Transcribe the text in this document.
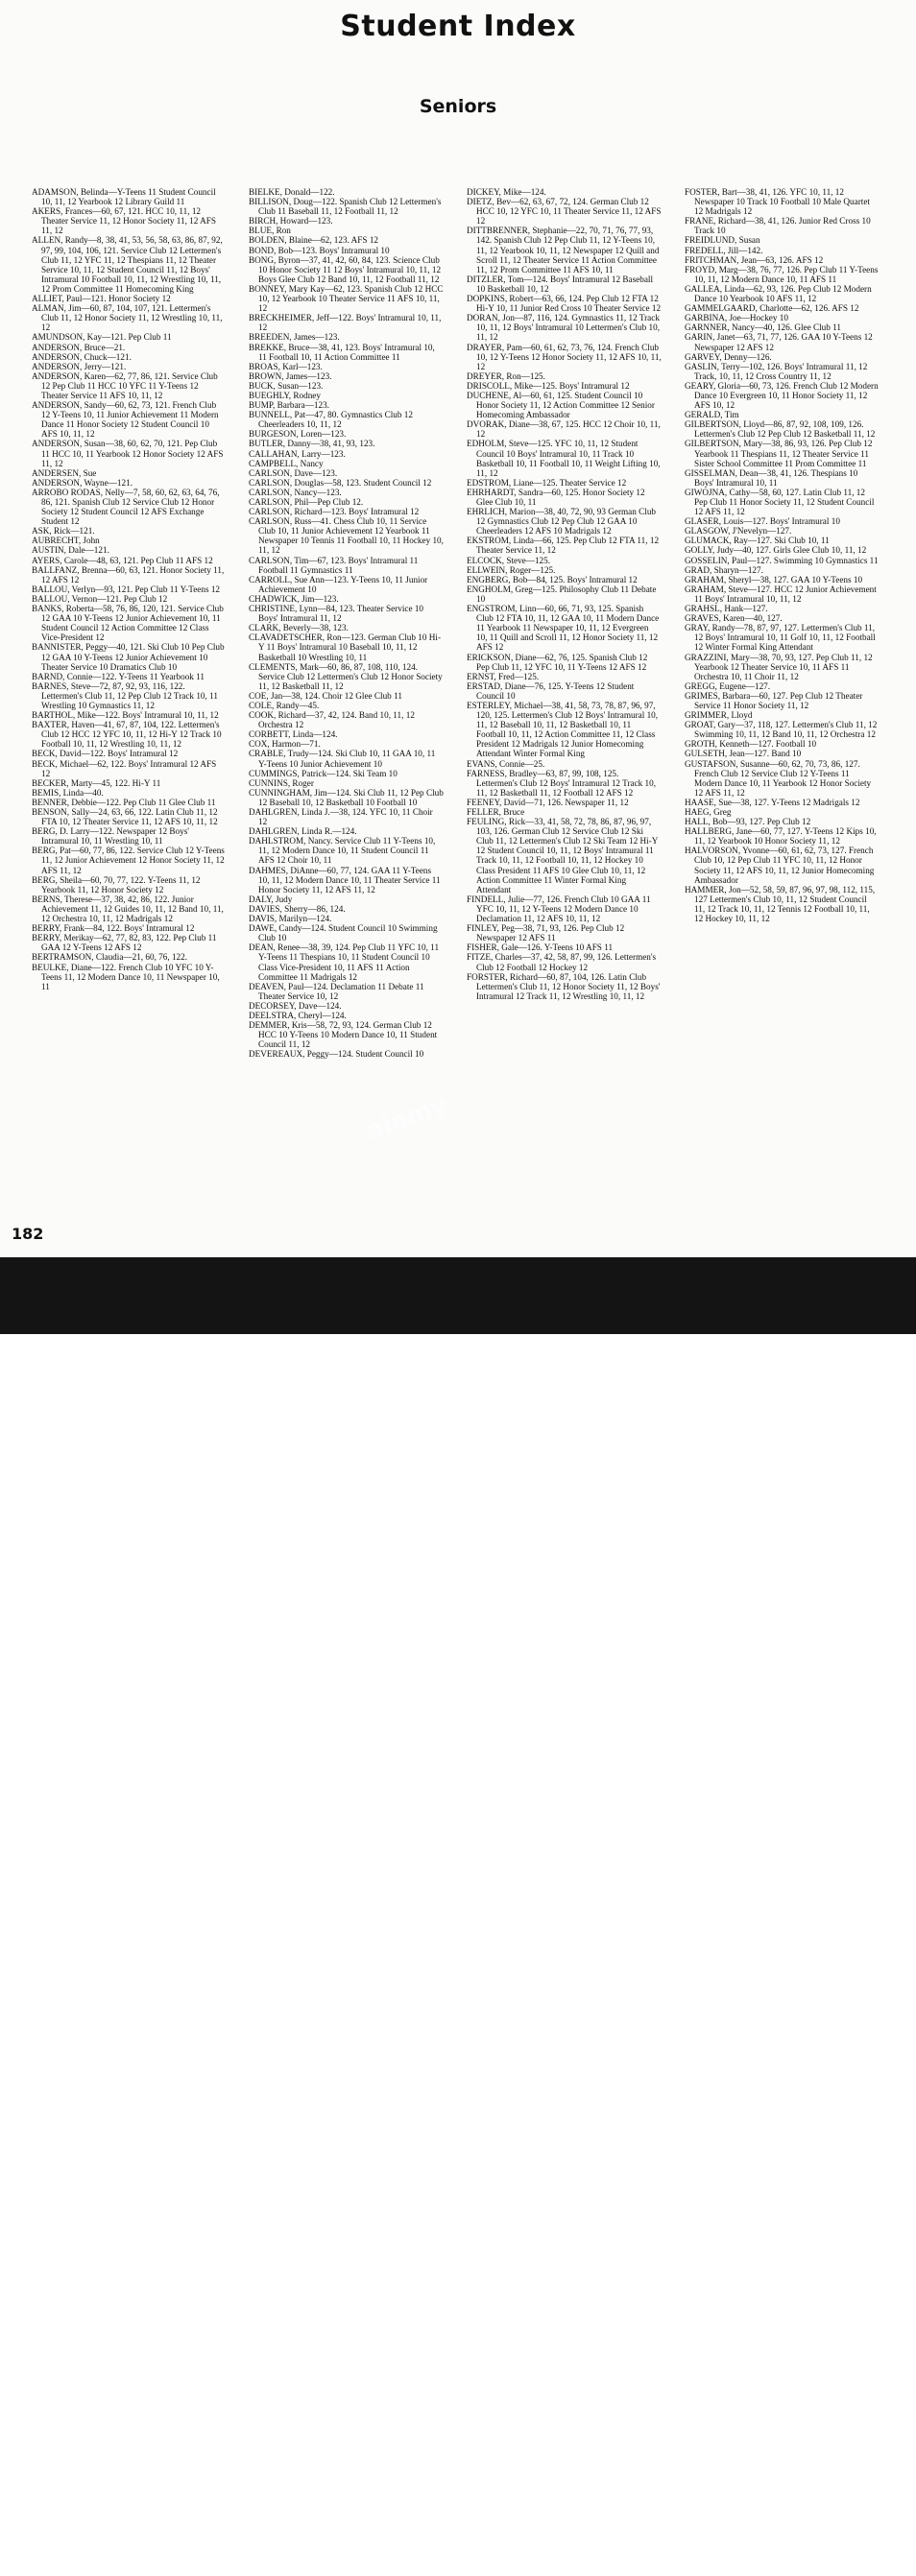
Student Index
Seniors

ADAMSON, Belinda—Y-Teens 11 Student Council 10, 11, 12 Yearbook 12 Library Guild 11

AKERS, Frances—60, 67, 121. HCC 10, 11, 12 Theater Service 11, 12 Honor Society 11, 12 AFS 11, 12

ALLEN, Randy—8, 38, 41, 53, 56, 58, 63, 86, 87, 92, 97, 99, 104, 106, 121. Service Club 12 Lettermen's Club 11, 12 YFC 11, 12 Thespians 11, 12 Theater Service 10, 11, 12 Student Council 11, 12 Boys' Intramural 10 Football 10, 11, 12 Wrestling 10, 11, 12 Prom Committee 11 Homecoming King

ALLIET, Paul—121. Honor Society 12

ALMAN, Jim—60, 87, 104, 107, 121. Lettermen's Club 11, 12 Honor Society 11, 12 Wrestling 10, 11, 12

AMUNDSON, Kay—121. Pep Club 11

ANDERSON, Bruce—21.

ANDERSON, Chuck—121.

ANDERSON, Jerry—121.

ANDERSON, Karen—62, 77, 86, 121. Service Club 12 Pep Club 11 HCC 10 YFC 11 Y-Teens 12 Theater Service 11 AFS 10, 11, 12

ANDERSON, Sandy—60, 62, 73, 121. French Club 12 Y-Teens 10, 11 Junior Achievement 11 Modern Dance 11 Honor Society 12 Student Council 10 AFS 10, 11, 12

ANDERSON, Susan—38, 60, 62, 70, 121. Pep Club 11 HCC 10, 11 Yearbook 12 Honor Society 12 AFS 11, 12

ANDERSEN, Sue

ANDERSON, Wayne—121.

ARROBO RODAS, Nelly—7, 58, 60, 62, 63, 64, 76, 86, 121. Spanish Club 12 Service Club 12 Honor Society 12 Student Council 12 AFS Exchange Student 12

ASK, Rick—121.

AUBRECHT, John

AUSTIN, Dale—121.

AYERS, Carole—48, 63, 121. Pep Club 11 AFS 12

BALLFANZ, Brenna—60, 63, 121. Honor Society 11, 12 AFS 12

BALLOU, Verlyn—93, 121. Pep Club 11 Y-Teens 12

BALLOU, Vernon—121. Pep Club 12

BANKS, Roberta—58, 76, 86, 120, 121. Service Club 12 GAA 10 Y-Teens 12 Junior Achievement 10, 11 Student Council 12 Action Committee 12 Class Vice-President 12

BANNISTER, Peggy—40, 121. Ski Club 10 Pep Club 12 GAA 10 Y-Teens 12 Junior Achievement 10 Theater Service 10 Dramatics Club 10

BARND, Connie—122. Y-Teens 11 Yearbook 11

BARNES, Steve—72, 87, 92, 93, 116, 122. Lettermen's Club 11, 12 Pep Club 12 Track 10, 11 Wrestling 10 Gymnastics 11, 12

BARTHOL, Mike—122. Boys' Intramural 10, 11, 12

BAXTER, Haven—41, 67, 87, 104, 122. Lettermen's Club 12 HCC 12 YFC 10, 11, 12 Hi-Y 12 Track 10 Football 10, 11, 12 Wrestling 10, 11, 12

BECK, David—122. Boys' Intramural 12

BECK, Michael—62, 122. Boys' Intramural 12 AFS 12

BECKER, Marty—45, 122. Hi-Y 11

BEMIS, Linda—40.

BENNER, Debbie—122. Pep Club 11 Glee Club 11

BENSON, Sally—24, 63, 66, 122. Latin Club 11, 12 FTA 10, 12 Theater Service 11, 12 AFS 10, 11, 12

BERG, D. Larry—122. Newspaper 12 Boys' Intramural 10, 11 Wrestling 10, 11

BERG, Pat—60, 77, 86, 122. Service Club 12 Y-Teens 11, 12 Junior Achievement 12 Honor Society 11, 12 AFS 11, 12

BERG, Sheila—60, 70, 77, 122. Y-Teens 11, 12 Yearbook 11, 12 Honor Society 12

BERNS, Therese—37, 38, 42, 86, 122. Junior Achievement 11, 12 Guides 10, 11, 12 Band 10, 11, 12 Orchestra 10, 11, 12 Madrigals 12

BERRY, Frank—84, 122. Boys' Intramural 12

BERRY, Merikay—62, 77, 82, 83, 122. Pep Club 11 GAA 12 Y-Teens 12 AFS 12

BERTRAMSON, Claudia—21, 60, 76, 122.

BEULKE, Diane—122. French Club 10 YFC 10 Y-Teens 11, 12 Modern Dance 10, 11 Newspaper 10, 11

BIELKE, Donald—122.

BILLISON, Doug—122. Spanish Club 12 Lettermen's Club 11 Baseball 11, 12 Football 11, 12

BIRCH, Howard—123.

BLUE, Ron

BOLDEN, Blaine—62, 123. AFS 12

BOND, Bob—123. Boys' Intramural 10

BONG, Byron—37, 41, 42, 60, 84, 123. Science Club 10 Honor Society 11 12 Boys' Intramural 10, 11, 12 Boys Glee Club 12 Band 10, 11, 12 Football 11, 12

BONNEY, Mary Kay—62, 123. Spanish Club 12 HCC 10, 12 Yearbook 10 Theater Service 11 AFS 10, 11, 12

BRECKHEIMER, Jeff—122. Boys' Intramural 10, 11, 12

BREEDEN, James—123.

BREKKE, Bruce—38, 41, 123. Boys' Intramural 10, 11 Football 10, 11 Action Committee 11

BROAS, Karl—123.

BROWN, James—123.

BUCK, Susan—123.

BUEGHLY, Rodney

BUMP, Barbara—123.

BUNNELL, Pat—47, 80. Gymnastics Club 12 Cheerleaders 10, 11, 12

BURGESON, Loren—123.

BUTLER, Danny—38, 41, 93, 123.

CALLAHAN, Larry—123.

CAMPBELL, Nancy

CARLSON, Dave—123.

CARLSON, Douglas—58, 123. Student Council 12

CARLSON, Nancy—123.

CARLSON, Phil—Pep Club 12.

CARLSON, Richard—123. Boys' Intramural 12

CARLSON, Russ—41. Chess Club 10, 11 Service Club 10, 11 Junior Achievement 12 Yearbook 11 Newspaper 10 Tennis 11 Football 10, 11 Hockey 10, 11, 12

CARLSON, Tim—67, 123. Boys' Intramural 11 Football 11 Gymnastics 11

CARROLL, Sue Ann—123. Y-Teens 10, 11 Junior Achievement 10

CHADWICK, Jim—123.

CHRISTINE, Lynn—84, 123. Theater Service 10 Boys' Intramural 11, 12

CLARK, Beverly—38, 123.

CLAVADETSCHER, Ron—123. German Club 10 Hi-Y 11 Boys' Intramural 10 Baseball 10, 11, 12 Basketball 10 Wrestling 10, 11

CLEMENTS, Mark—60, 86, 87, 108, 110, 124. Service Club 12 Lettermen's Club 12 Honor Society 11, 12 Basketball 11, 12

COE, Jan—38, 124. Choir 12 Glee Club 11

COLE, Randy—45.

COOK, Richard—37, 42, 124. Band 10, 11, 12 Orchestra 12

CORBETT, Linda—124.

COX, Harmon—71.

CRABLE, Trudy—124. Ski Club 10, 11 GAA 10, 11 Y-Teens 10 Junior Achievement 10

CUMMINGS, Patrick—124. Ski Team 10

CUNNINS, Roger

CUNNINGHAM, Jim—124. Ski Club 11, 12 Pep Club 12 Baseball 10, 12 Basketball 10 Football 10

DAHLGREN, Linda J.—38, 124. YFC 10, 11 Choir 12

DAHLGREN, Linda R.—124.

DAHLSTROM, Nancy. Service Club 11 Y-Teens 10, 11, 12 Modern Dance 10, 11 Student Council 11 AFS 12 Choir 10, 11

DAHMES, DiAnne—60, 77, 124. GAA 11 Y-Teens 10, 11, 12 Modern Dance 10, 11 Theater Service 11 Honor Society 11, 12 AFS 11, 12

DALY, Judy

DAVIES, Sherry—86, 124.

DAVIS, Marilyn—124.

DAWE, Candy—124. Student Council 10 Swimming Club 10

DEAN, Renee—38, 39, 124. Pep Club 11 YFC 10, 11 Y-Teens 11 Thespians 10, 11 Student Council 10 Class Vice-President 10, 11 AFS 11 Action Committee 11 Madrigals 12

DEAVEN, Paul—124. Declamation 11 Debate 11 Theater Service 10, 12

DECORSEY, Dave—124.

DEELSTRA, Cheryl—124.

DEMMER, Kris—58, 72, 93, 124. German Club 12 HCC 10 Y-Teens 10 Modern Dance 10, 11 Student Council 11, 12

DEVEREAUX, Peggy—124. Student Council 10

DICKEY, Mike—124.

DIETZ, Bev—62, 63, 67, 72, 124. German Club 12 HCC 10, 12 YFC 10, 11 Theater Service 11, 12 AFS 12

DITTBRENNER, Stephanie—22, 70, 71, 76, 77, 93, 142. Spanish Club 12 Pep Club 11, 12 Y-Teens 10, 11, 12 Yearbook 10, 11, 12 Newspaper 12 Quill and Scroll 11, 12 Theater Service 11 Action Committee 11, 12 Prom Committee 11 AFS 10, 11

DITZLER, Tom—124. Boys' Intramural 12 Baseball 10 Basketball 10, 12

DOPKINS, Robert—63, 66, 124. Pep Club 12 FTA 12 Hi-Y 10, 11 Junior Red Cross 10 Theater Service 12

DORAN, Jon—87, 116, 124. Gymnastics 11, 12 Track 10, 11, 12 Boys' Intramural 10 Lettermen's Club 10, 11, 12

DRAYER, Pam—60, 61, 62, 73, 76, 124. French Club 10, 12 Y-Teens 12 Honor Society 11, 12 AFS 10, 11, 12

DREYER, Ron—125.

DRISCOLL, Mike—125. Boys' Intramural 12

DUCHENE, Al—60, 61, 125. Student Council 10 Honor Society 11, 12 Action Committee 12 Senior Homecoming Ambassador

DVORAK, Diane—38, 67, 125. HCC 12 Choir 10, 11, 12

EDHOLM, Steve—125. YFC 10, 11, 12 Student Council 10 Boys' Intramural 10, 11 Track 10 Basketball 10, 11 Football 10, 11 Weight Lifting 10, 11, 12

EDSTROM, Liane—125. Theater Service 12

EHRHARDT, Sandra—60, 125. Honor Society 12 Glee Club 10, 11

EHRLICH, Marion—38, 40, 72, 90, 93 German Club 12 Gymnastics Club 12 Pep Club 12 GAA 10 Cheerleaders 12 AFS 10 Madrigals 12

EKSTROM, Linda—66, 125. Pep Club 12 FTA 11, 12 Theater Service 11, 12

ELCOCK, Steve—125.

ELLWEIN, Roger—125.

ENGBERG, Bob—84, 125. Boys' Intramural 12

ENGHOLM, Greg—125. Philosophy Club 11 Debate 10

ENGSTROM, Linn—60, 66, 71, 93, 125. Spanish Club 12 FTA 10, 11, 12 GAA 10, 11 Modern Dance 11 Yearbook 11 Newspaper 10, 11, 12 Evergreen 10, 11 Quill and Scroll 11, 12 Honor Society 11, 12 AFS 12

ERICKSON, Diane—62, 76, 125. Spanish Club 12 Pep Club 11, 12 YFC 10, 11 Y-Teens 12 AFS 12

ERNST, Fred—125.

ERSTAD, Diane—76, 125. Y-Teens 12 Student Council 10

ESTERLEY, Michael—38, 41, 58, 73, 78, 87, 96, 97, 120, 125. Lettermen's Club 12 Boys' Intramural 10, 11, 12 Baseball 10, 11, 12 Basketball 10, 11 Football 10, 11, 12 Action Committee 11, 12 Class President 12 Madrigals 12 Junior Homecoming Attendant Winter Formal King

EVANS, Connie—25.

FARNESS, Bradley—63, 87, 99, 108, 125. Lettermen's Club 12 Boys' Intramural 12 Track 10, 11, 12 Basketball 11, 12 Football 12 AFS 12

FEENEY, David—71, 126. Newspaper 11, 12

FELLER, Bruce

FEULING, Rick—33, 41, 58, 72, 78, 86, 87, 96, 97, 103, 126. German Club 12 Service Club 12 Ski Club 11, 12 Lettermen's Club 12 Ski Team 12 Hi-Y 12 Student Council 10, 11, 12 Boys' Intramural 11 Track 10, 11, 12 Football 10, 11, 12 Hockey 10 Class President 11 AFS 10 Glee Club 10, 11, 12 Action Committee 11 Winter Formal King Attendant

FINDELL, Julie—77, 126. French Club 10 GAA 11 YFC 10, 11, 12 Y-Teens 12 Modern Dance 10 Declamation 11, 12 AFS 10, 11, 12

FINLEY, Peg—38, 71, 93, 126. Pep Club 12 Newspaper 12 AFS 11

FISHER, Gale—126. Y-Teens 10 AFS 11

FITZE, Charles—37, 42, 58, 87, 99, 126. Lettermen's Club 12 Football 12 Hockey 12

FORSTER, Richard—60, 87, 104, 126. Latin Club Lettermen's Club 11, 12 Honor Society 11, 12 Boys' Intramural 12 Track 11, 12 Wrestling 10, 11, 12

FOSTER, Bart—38, 41, 126. YFC 10, 11, 12 Newspaper 10 Track 10 Football 10 Male Quartet 12 Madrigals 12

FRANE, Richard—38, 41, 126. Junior Red Cross 10 Track 10

FREIDLUND, Susan

FREDELL, Jill—142.

FRITCHMAN, Jean—63, 126. AFS 12

FROYD, Marg—38, 76, 77, 126. Pep Club 11 Y-Teens 10, 11, 12 Modern Dance 10, 11 AFS 11

GALLEA, Linda—62, 93, 126. Pep Club 12 Modern Dance 10 Yearbook 10 AFS 11, 12

GAMMELGAARD, Charlotte—62, 126. AFS 12

GARBINA, Joe—Hockey 10

GARNNER, Nancy—40, 126. Glee Club 11

GARIN, Janet—63, 71, 77, 126. GAA 10 Y-Teens 12 Newspaper 12 AFS 12

GARVEY, Denny—126.

GASLIN, Terry—102, 126. Boys' Intramural 11, 12 Track, 10, 11, 12 Cross Country 11, 12

GEARY, Gloria—60, 73, 126. French Club 12 Modern Dance 10 Evergreen 10, 11 Honor Society 11, 12 AFS 10, 12

GERALD, Tim

GILBERTSON, Lloyd—86, 87, 92, 108, 109, 126. Lettermen's Club 12 Pep Club 12 Basketball 11, 12

GILBERTSON, Mary—38, 86, 93, 126. Pep Club 12 Yearbook 11 Thespians 11, 12 Theater Service 11 Sister School Committee 11 Prom Committee 11

GISSELMAN, Dean—38, 41, 126. Thespians 10 Boys' Intramural 10, 11

GIWOJNA, Cathy—58, 60, 127. Latin Club 11, 12 Pep Club 11 Honor Society 11, 12 Student Council 12 AFS 11, 12

GLASER, Louis—127. Boys' Intramural 10

GLASGOW, J'Nevelyn—127.

GLUMACK, Ray—127. Ski Club 10, 11

GOLLY, Judy—40, 127. Girls Glee Club 10, 11, 12

GOSSELIN, Paul—127. Swimming 10 Gymnastics 11

GRAD, Sharyn—127.

GRAHAM, Sheryl—38, 127. GAA 10 Y-Teens 10

GRAHAM, Steve—127. HCC 12 Junior Achievement 11 Boys' Intramural 10, 11, 12

GRAHSL, Hank—127.

GRAVES, Karen—40, 127.

GRAY, Randy—78, 87, 97, 127. Lettermen's Club 11, 12 Boys' Intramural 10, 11 Golf 10, 11, 12 Football 12 Winter Formal King Attendant

GRAZZINI, Mary—38, 70, 93, 127. Pep Club 11, 12 Yearbook 12 Theater Service 10, 11 AFS 11 Orchestra 10, 11 Choir 11, 12

GREGG, Eugene—127.

GRIMES, Barbara—60, 127. Pep Club 12 Theater Service 11 Honor Society 11, 12

GRIMMER, Lloyd

GROAT, Gary—37, 118, 127. Lettermen's Club 11, 12 Swimming 10, 11, 12 Band 10, 11, 12 Orchestra 12

GROTH, Kenneth—127. Football 10

GULSETH, Jean—127. Band 10

GUSTAFSON, Susanne—60, 62, 70, 73, 86, 127. French Club 12 Service Club 12 Y-Teens 11 Modern Dance 10, 11 Yearbook 12 Honor Society 12 AFS 11, 12

HAASE, Sue—38, 127. Y-Teens 12 Madrigals 12

HAEG, Greg

HALL, Bob—93, 127. Pep Club 12

HALLBERG, Jane—60, 77, 127. Y-Teens 12 Kips 10, 11, 12 Yearbook 10 Honor Society 11, 12

HALVORSON, Yvonne—60, 61, 62, 73, 127. French Club 10, 12 Pep Club 11 YFC 10, 11, 12 Honor Society 11, 12 AFS 10, 11, 12 Junior Homecoming Ambassador

HAMMER, Jon—52, 58, 59, 87, 96, 97, 98, 112, 115, 127 Lettermen's Club 10, 11, 12 Student Council 11, 12 Track 10, 11, 12 Tennis 12 Football 10, 11, 12 Hockey 10, 11, 12

182
alamy
alamy
Image ID: 3AA992M
www.alamy.com
